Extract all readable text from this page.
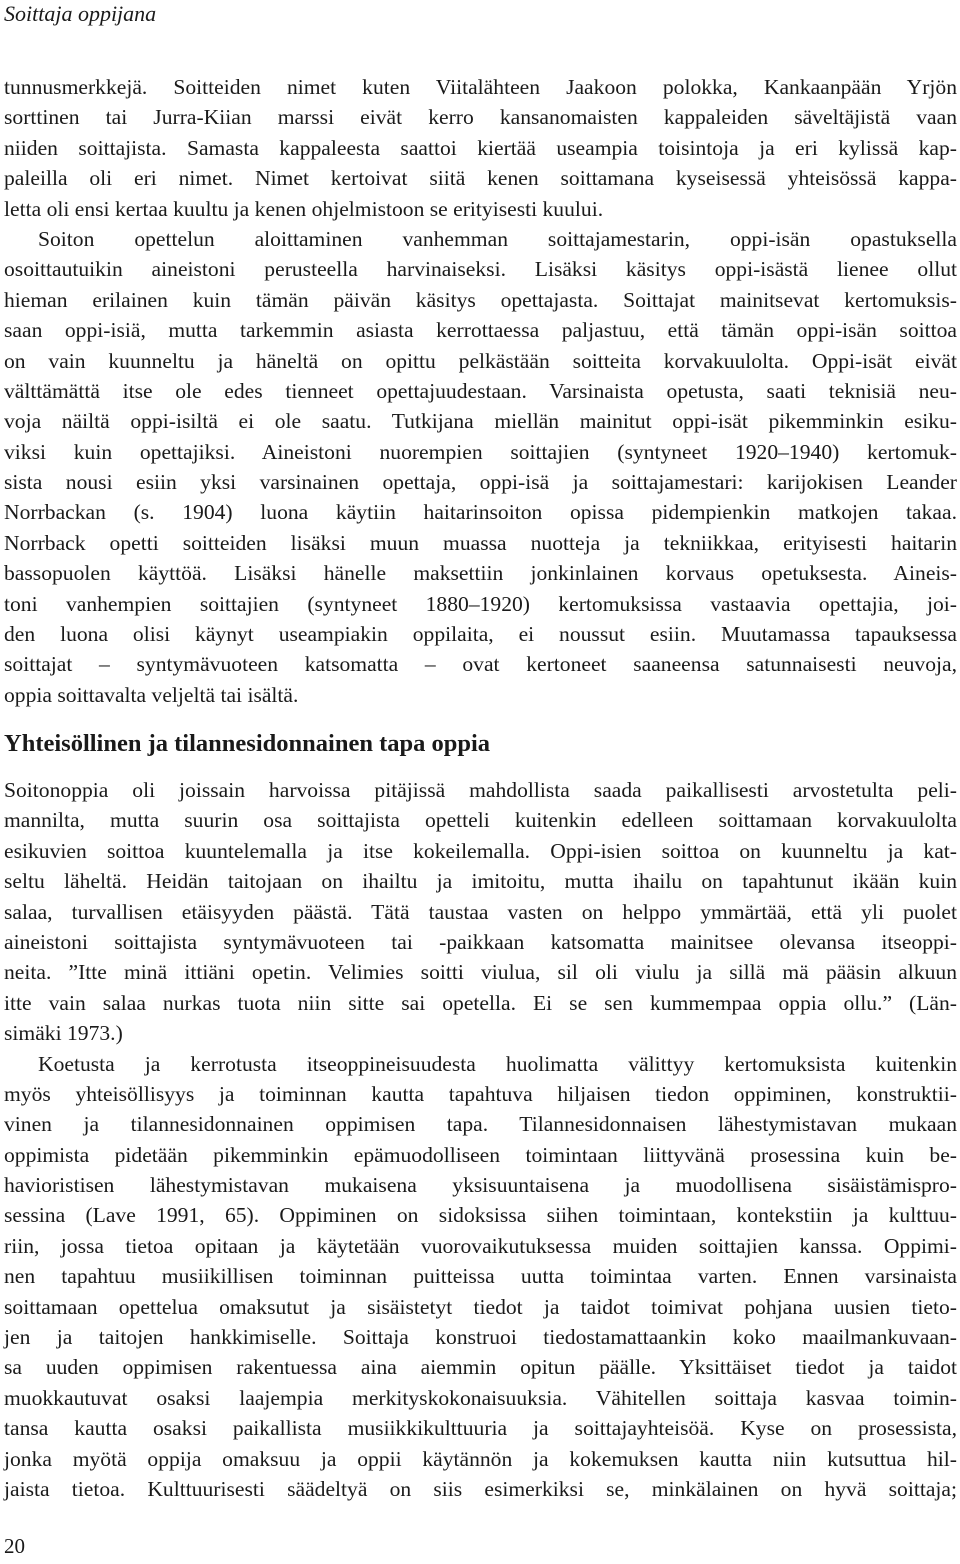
Soittaja oppijana
tunnusmerkkejä. Soitteiden nimet kuten Viitalähteen Jaakoon polokka, Kankaanpään Yrjön
sorttinen tai Jurra-Kiian marssi eivät kerro kansanomaisten kappaleiden säveltäjistä vaan
niiden soittajista. Samasta kappaleesta saattoi kiertää useampia toisintoja ja eri kylissä kap-
paleilla oli eri nimet. Nimet kertoivat siitä kenen soittamana kyseisessä yhteisössä kappa-
letta oli ensi kertaa kuultu ja kenen ohjelmistoon se erityisesti kuului.
Soiton opettelun aloittaminen vanhemman soittajamestarin, oppi-isän opastuksella
osoittautuikin aineistoni perusteella harvinaiseksi. Lisäksi käsitys oppi-isästä lienee ollut
hieman erilainen kuin tämän päivän käsitys opettajasta. Soittajat mainitsevat kertomuksis-
saan oppi-isiä, mutta tarkemmin asiasta kerrottaessa paljastuu, että tämän oppi-isän soittoa
on vain kuunneltu ja häneltä on opittu pelkästään soitteita korvakuulolta. Oppi-isät eivät
välttämättä itse ole edes tienneet opettajuudestaan. Varsinaista opetusta, saati teknisiä neu-
voja näiltä oppi-isiltä ei ole saatu. Tutkijana miellän mainitut oppi-isät pikemminkin esiku-
viksi kuin opettajiksi. Aineistoni nuorempien soittajien (syntyneet 1920–1940) kertomuk-
sista nousi esiin yksi varsinainen opettaja, oppi-isä ja soittajamestari: karijokisen Leander
Norrbackan (s. 1904) luona käytiin haitarinsoiton opissa pidempienkin matkojen takaa.
Norrback opetti soitteiden lisäksi muun muassa nuotteja ja tekniikkaa, erityisesti haitarin
bassopuolen käyttöä. Lisäksi hänelle maksettiin jonkinlainen korvaus opetuksesta. Aineis-
toni vanhempien soittajien (syntyneet 1880–1920) kertomuksissa vastaavia opettajia, joi-
den luona olisi käynyt useampiakin oppilaita, ei noussut esiin. Muutamassa tapauksessa
soittajat – syntymävuoteen katsomatta – ovat kertoneet saaneensa satunnaisesti neuvoja,
oppia soittavalta veljeltä tai isältä.
Yhteisöllinen ja tilannesidonnainen tapa oppia
Soitonoppia oli joissain harvoissa pitäjissä mahdollista saada paikallisesti arvostetulta peli-
mannilta, mutta suurin osa soittajista opetteli kuitenkin edelleen soittamaan korvakuulolta
esikuvien soittoa kuuntelemalla ja itse kokeilemalla. Oppi-isien soittoa on kuunneltu ja kat-
seltu läheltä. Heidän taitojaan on ihailtu ja imitoitu, mutta ihailu on tapahtunut ikään kuin
salaa, turvallisen etäisyyden päästä. Tätä taustaa vasten on helppo ymmärtää, että yli puolet
aineistoni soittajista syntymävuoteen tai -paikkaan katsomatta mainitsee olevansa itseoppi-
neita. ”Itte minä ittiäni opetin. Velimies soitti viulua, sil oli viulu ja sillä mä pääsin alkuun
itte vain salaa nurkas tuota niin sitte sai opetella. Ei se sen kummempaa oppia ollu.” (Län-
simäki 1973.)
Koetusta ja kerrotusta itseoppineisuudesta huolimatta välittyy kertomuksista kuitenkin
myös yhteisöllisyys ja toiminnan kautta tapahtuva hiljaisen tiedon oppiminen, konstruktii-
vinen ja tilannesidonnainen oppimisen tapa. Tilannesidonnaisen lähestymistavan mukaan
oppimista pidetään pikemminkin epämuodolliseen toimintaan liittyvänä prosessina kuin be-
havioristisen lähestymistavan mukaisena yksisuuntaisena ja muodollisena sisäistämispro-
sessina (Lave 1991, 65). Oppiminen on sidoksissa siihen toimintaan, kontekstiin ja kulttuu-
riin, jossa tietoa opitaan ja käytetään vuorovaikutuksessa muiden soittajien kanssa. Oppimi-
nen tapahtuu musiikillisen toiminnan puitteissa uutta toimintaa varten. Ennen varsinaista
soittamaan opettelua omaksutut ja sisäistetyt tiedot ja taidot toimivat pohjana uusien tieto-
jen ja taitojen hankkimiselle. Soittaja konstruoi tiedostamattaankin koko maailmankuvaan-
sa uuden oppimisen rakentuessa aina aiemmin opitun päälle. Yksittäiset tiedot ja taidot
muokkautuvat osaksi laajempia merkityskokonaisuuksia. Vähitellen soittaja kasvaa toimin-
tansa kautta osaksi paikallista musiikkikulttuuria ja soittajayhteisöä. Kyse on prosessista,
jonka myötä oppija omaksuu ja oppii käytännön ja kokemuksen kautta niin kutsuttua hil-
jaista tietoa. Kulttuurisesti säädeltyä on siis esimerkiksi se, minkälainen on hyvä soittaja;
20
